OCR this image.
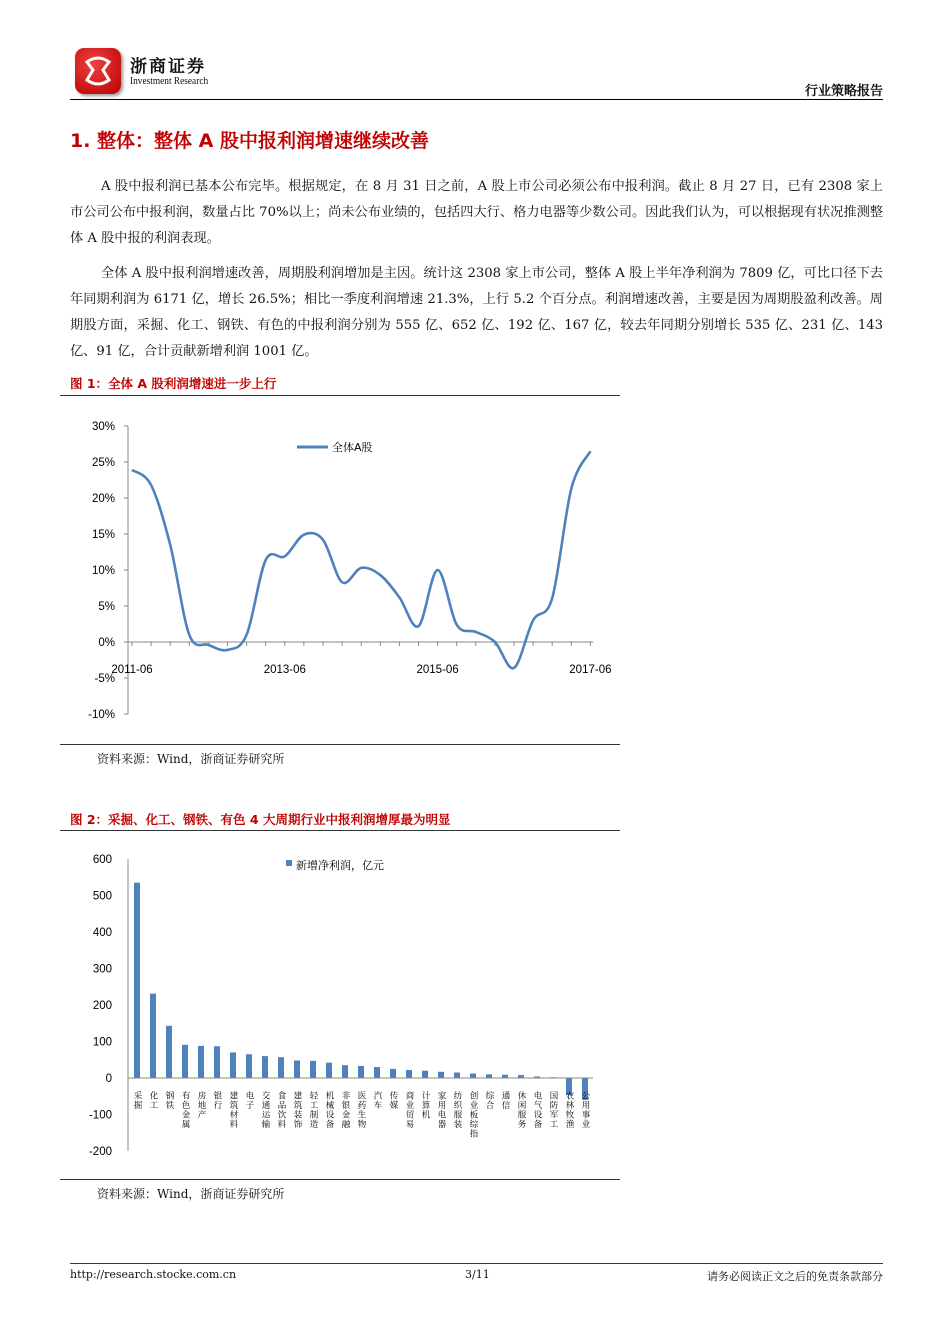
浙商证券
Investment Research
行业策略报告
1. 整体：整体 A 股中报利润增速继续改善
A 股中报利润已基本公布完毕。根据规定，在 8 月 31 日之前，A 股上市公司必须公布中报利润。截止 8 月 27 日，已有 2308 家上市公司公布中报利润，数量占比 70%以上；尚未公布业绩的，包括四大行、格力电器等少数公司。因此我们认为，可以根据现有状况推测整体 A 股中报的利润表现。
全体 A 股中报利润增速改善，周期股利润增加是主因。统计这 2308 家上市公司，整体 A 股上半年净利润为 7809 亿，可比口径下去年同期利润为 6171 亿，增长 26.5%；相比一季度利润增速 21.3%，上行 5.2 个百分点。利润增速改善，主要是因为周期股盈利改善。周期股方面，采掘、化工、钢铁、有色的中报利润分别为 555 亿、652 亿、192 亿、167 亿，较去年同期分别增长 535 亿、231 亿、143 亿、91 亿，合计贡献新增利润 1001 亿。
图 1：全体 A 股利润增速进一步上行
30%
25%
20%
15%
10%
5%
0%
-5%
-10%
2011-06	2013-06	2015-06	2017-06
全体A股
资料来源：Wind，浙商证券研究所
图 2：采掘、化工、钢铁、有色 4 大周期行业中报利润增厚最为明显
600
500
400
300
200
100
0
-100
-200
新增净利润，亿元
采掘 化工 钢铁 有色金属 房地产 银行 建筑材料 电子 交通运输 食品饮料 建筑装饰 轻工制造 机械设备 非银金融 医药生物 汽车 传媒 商业贸易 计算机 家用电器 纺织服装 创业板综指 综合 通信 休闲服务 电气设备 国防军工 农林牧渔 公用事业
资料来源：Wind，浙商证券研究所
http://research.stocke.com.cn	3/11	请务必阅读正文之后的免责条款部分
